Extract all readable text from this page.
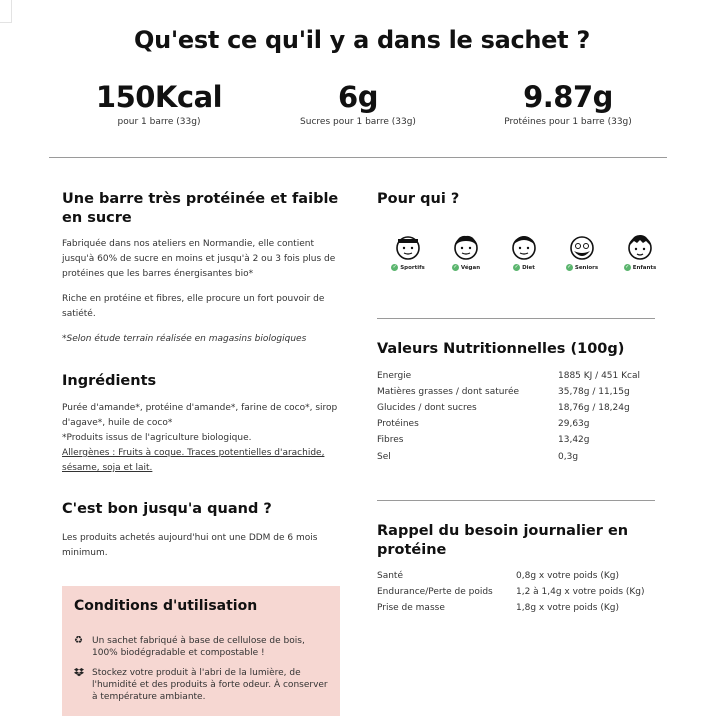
Qu'est ce qu'il y a dans le sachet ?
150Kcal
pour 1 barre (33g)
6g
Sucres pour 1 barre (33g)
9.87g
Protéines pour 1 barre (33g)
Une barre très protéinée et faible en sucre
Fabriquée dans nos ateliers en Normandie, elle contient jusqu'à 60% de sucre en moins et jusqu'à 2 ou 3 fois plus de protéines que les barres énergisantes bio*
Riche en protéine et fibres, elle procure un fort pouvoir de satiété.
*Selon étude terrain réalisée en magasins biologiques
Ingrédients
Purée d'amande*, protéine d'amande*, farine de coco*, sirop d'agave*, huile de coco*
*Produits issus de l'agriculture biologique.
Allergènes : Fruits à coque. Traces potentielles d'arachide, sésame, soja et lait.
C'est bon jusqu'a quand ?
Les produits achetés aujourd'hui ont une DDM de 6 mois minimum.
Conditions d'utilisation
♻	Un sachet fabriqué à base de cellulose de bois, 100% biodégradable et compostable !
Stockez votre produit à l'abri de la lumière, de l'humidité et des produits à forte odeur. À conserver à température ambiante.
Pour qui ?
✓ Sportifs	✓ Végan	✓ Diet	✓ Seniors	✓ Enfants
Valeurs Nutritionnelles (100g)
Energie	1885 KJ / 451 Kcal
Matières grasses / dont saturée	35,78g / 11,15g
Glucides / dont sucres	18,76g / 18,24g
Protéines	29,63g
Fibres	13,42g
Sel	0,3g
Rappel du besoin journalier en protéine
Santé	0,8g x votre poids (Kg)
Endurance/Perte de poids	1,2 à 1,4g x votre poids (Kg)
Prise de masse	1,8g x votre poids (Kg)
